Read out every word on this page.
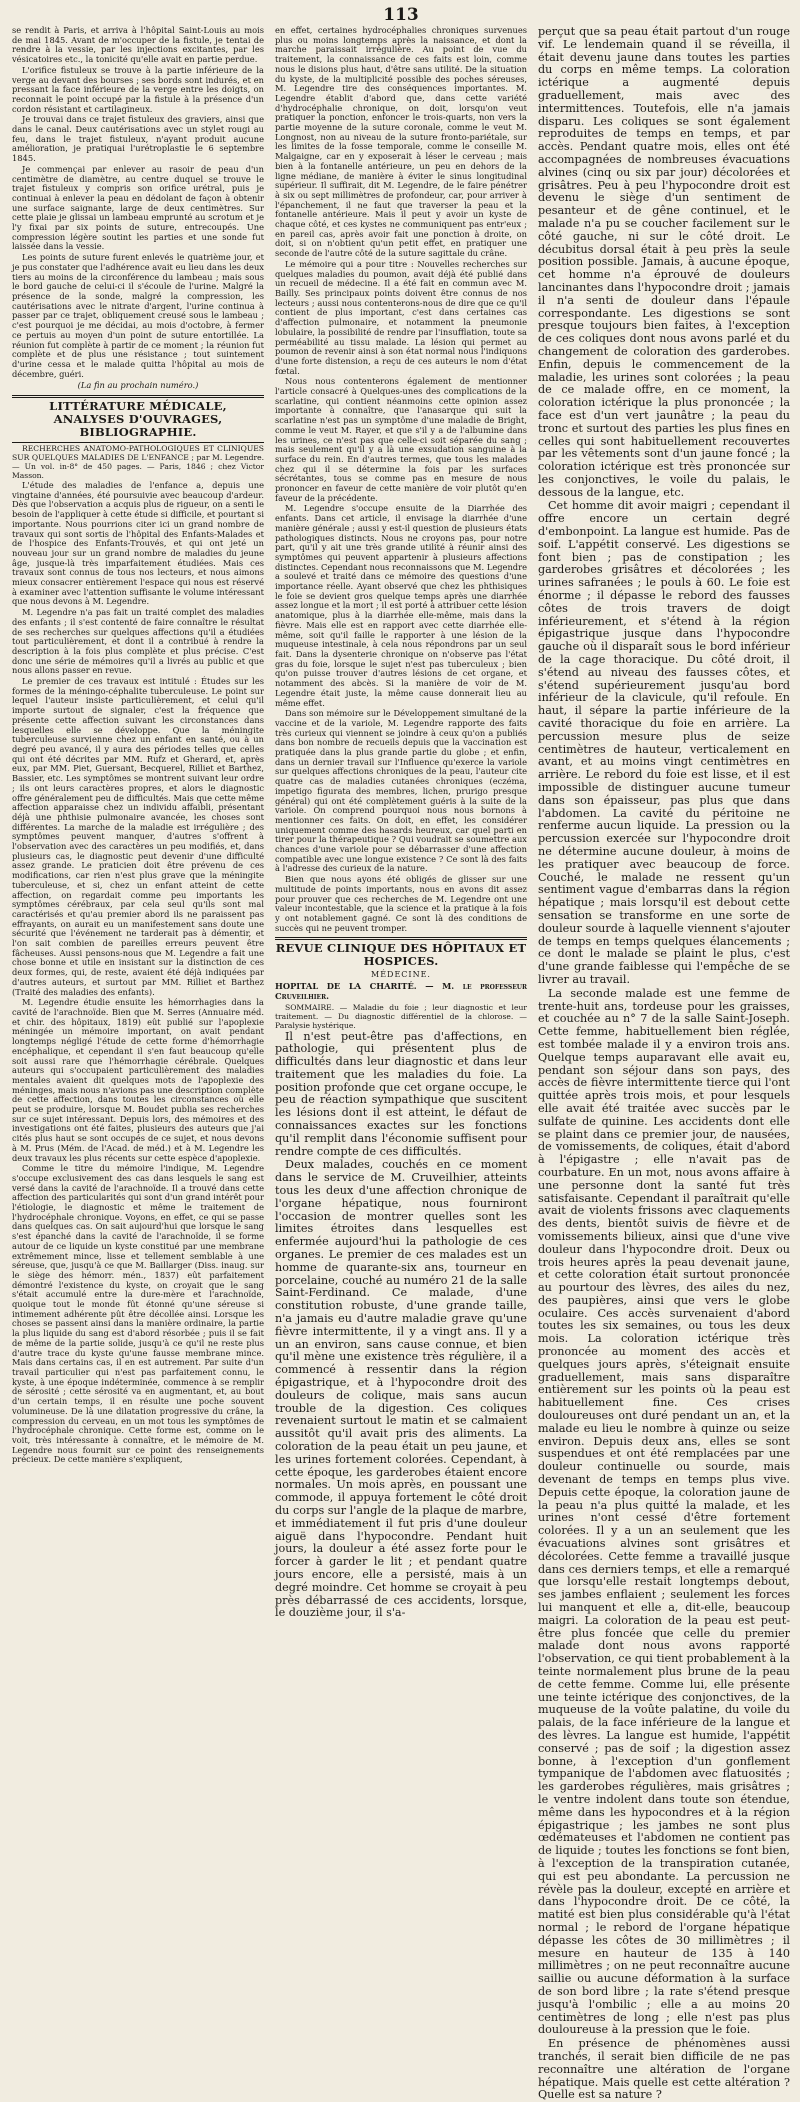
113

se rendit à Paris, et arriva à l'hôpital Saint-Louis au mois de mai 1845. Avant de m'occuper de la fistule, je tentai de rendre à la vessie, par les injections excitantes, par les vésicatoires etc., la tonicité qu'elle avait en partie perdue.

L'orifice fistuleux se trouve à la partie inférieure de la verge au devant des bourses ; ses bords sont indurés, et en pressant la face inférieure de la verge entre les doigts, on reconnait le point occupé par la fistule à la présence d'un cordon résistant et cartilagineux.

Je trouvai dans ce trajet fistuleux des graviers, ainsi que dans le canal. Deux cautérisations avec un stylet rougi au feu, dans le trajet fistuleux, n'ayant produit aucune amélioration, je pratiquai l'urétroplastie le 6 septembre 1845.

Je commençai par enlever au rasoir de peau d'un centimètre de diamètre, au centre duquel se trouve le trajet fistuleux y compris son orifice urétral, puis je continuai à enlever la peau en dédolant de façon à obtenir une surface saignante, large de deux centimètres. Sur cette plaie je glissai un lambeau emprunté au scrotum et je l'y fixai par six points de suture, entrecoupés. Une compression légère soutint les parties et une sonde fut laissée dans la vessie.

Les points de suture furent enlevés le quatrième jour, et je pus constater que l'adhérence avait eu lieu dans les deux tiers au moins de la circonférence du lambeau ; mais sous le bord gauche de celui-ci il s'écoule de l'urine. Malgré la présence de la sonde, malgré la compression, les cautérisations avec le nitrate d'argent, l'urine continua à passer par ce trajet, obliquement creusé sous le lambeau ; c'est pourquoi je me décidai, au mois d'octobre, à fermer ce pertuis au moyen d'un point de suture entortillée. La réunion fut complète à partir de ce moment ; la réunion fut complète et de plus une résistance ; tout suintement d'urine cessa et le malade quitta l'hôpital au mois de décembre, guéri.

(La fin au prochain numéro.)
LITTÉRATURE MÉDICALE, ANALYSES D'OUVRAGES, BIBLIOGRAPHIE.

RECHERCHES ANATOMO-PATHOLOGIQUES ET CLINIQUES SUR QUELQUES MALADIES DE L'ENFANCE ; par M. Legendre. — Un vol. in-8° de 450 pages. — Paris, 1846 ; chez Victor Masson.

L'étude des maladies de l'enfance a, depuis une vingtaine d'années, été poursuivie avec beaucoup d'ardeur. Dès que l'observation a acquis plus de rigueur, on a senti le besoin de l'appliquer à cette étude si difficile, et pourtant si importante. Nous pourrions citer ici un grand nombre de travaux qui sont sortis de l'hôpital des Enfants-Malades et de l'hospice des Enfants-Trouvés, et qui ont jeté un nouveau jour sur un grand nombre de maladies du jeune âge, jusque-là très imparfaitement étudiées. Mais ces travaux sont connus de tous nos lecteurs, et nous aimons mieux consacrer entièrement l'espace qui nous est réservé à examiner avec l'attention suffisante le volume intéressant que nous devons à M. Legendre.

M. Legendre n'a pas fait un traité complet des maladies des enfants ; il s'est contenté de faire connaître le résultat de ses recherches sur quelques affections qu'il a étudiées tout particulièrement, et dont il a contribué à rendre la description à la fois plus complète et plus précise. C'est donc une série de mémoires qu'il a livrés au public et que nous allons passer en revue.

Le premier de ces travaux est intitulé : Études sur les formes de la méningo-céphalite tuberculeuse. Le point sur lequel l'auteur insiste particulièrement, et celui qu'il importe surtout de signaler, c'est la fréquence que présente cette affection suivant les circonstances dans lesquelles elle se développe. Que la méningite tuberculeuse survienne chez un enfant en santé, ou à un degré peu avancé, il y aura des périodes telles que celles qui ont été décrites par MM. Rufz et Gherard, et, après eux, par MM. Piet, Guersant, Becquerel, Rilliet et Barthez, Bassier, etc. Les symptômes se montrent suivant leur ordre ; ils ont leurs caractères propres, et alors le diagnostic offre généralement peu de difficultés. Mais que cette même affection apparaisse chez un individu affaibli, présentant déjà une phthisie pulmonaire avancée, les choses sont différentes. La marche de la maladie est irrégulière ; des symptômes peuvent manquer, d'autres s'offrent à l'observation avec des caractères un peu modifiés, et, dans plusieurs cas, le diagnostic peut devenir d'une difficulté assez grande. Le praticien doit être prévenu de ces modifications, car rien n'est plus grave que la méningite tuberculeuse, et si, chez un enfant atteint de cette affection, on regardait comme peu importants les symptômes cérébraux, par cela seul qu'ils sont mal caractérisés et qu'au premier abord ils ne paraissent pas effrayants, on aurait eu un manifestement sans doute une sécurité que l'événement ne tarderait pas à démentir, et l'on sait combien de pareilles erreurs peuvent être fâcheuses. Aussi pensons-nous que M. Legendre a fait une chose bonne et utile en insistant sur la distinction de ces deux formes, qui, de reste, avaient été déjà indiquées par d'autres auteurs, et surtout par MM. Rilliet et Barthez (Traité des maladies des enfants).

M. Legendre étudie ensuite les hémorrhagies dans la cavité de l'arachnoïde. Bien que M. Serres (Annuaire méd. et chir. des hôpitaux, 1819) eût publié sur l'apoplexie méningée un mémoire important, on avait pendant longtemps négligé l'étude de cette forme d'hémorrhagie encéphalique, et cependant il s'en faut beaucoup qu'elle soit aussi rare que l'hémorrhagie cérébrale. Quelques auteurs qui s'occupaient particulièrement des maladies mentales avaient dit quelques mots de l'apoplexie des méninges, mais nous n'avions pas une description complète de cette affection, dans toutes les circonstances où elle peut se produire, lorsque M. Boudet publia ses recherches sur ce sujet intéressant. Depuis lors, des mémoires et des investigations ont été faites, plusieurs des auteurs que j'ai cités plus haut se sont occupés de ce sujet, et nous devons à M. Prus (Mém. de l'Acad. de méd.) et à M. Legendre les deux travaux les plus récents sur cette espèce d'apoplexie.

Comme le titre du mémoire l'indique, M. Legendre s'occupe exclusivement des cas dans lesquels le sang est versé dans la cavité de l'arachnoïde. Il a trouvé dans cette affection des particularités qui sont d'un grand intérêt pour l'étiologie, le diagnostic et même le traitement de l'hydrocéphale chronique. Voyons, en effet, ce qui se passe dans quelques cas. On sait aujourd'hui que lorsque le sang s'est épanché dans la cavité de l'arachnoïde, il se forme autour de ce liquide un kyste constitué par une membrane extrêmement mince, lisse et tellement semblable à une séreuse, que, jusqu'à ce que M. Baillarger (Diss. inaug. sur le siège des hémorr. mén., 1837) eût parfaitement démontré l'existence du kyste, on croyait que le sang s'était accumulé entre la dure-mère et l'arachnoïde, quoique tout le monde fût étonné qu'une séreuse si intimement adhérente pût être décollée ainsi. Lorsque les choses se passent ainsi dans la manière ordinaire, la partie la plus liquide du sang est d'abord résorbée ; puis il se fait de même de la partie solide, jusqu'à ce qu'il ne reste plus d'autre trace du kyste qu'une fausse membrane mince. Mais dans certains cas, il en est autrement. Par suite d'un travail particulier qui n'est pas parfaitement connu, le kyste, à une époque indéterminée, commence à se remplir de sérosité ; cette sérosité va en augmentant, et, au bout d'un certain temps, il en résulte une poche souvent volumineuse. De là une dilatation progressive du crâne, la compression du cerveau, en un mot tous les symptômes de l'hydrocéphale chronique. Cette forme est, comme on le voit, très intéressante à connaître, et le mémoire de M. Legendre nous fournit sur ce point des renseignements précieux. De cette manière s'expliquent,

en effet, certaines hydrocéphalies chroniques survenues plus ou moins longtemps après la naissance, et dont la marche paraissait irrégulière. Au point de vue du traitement, la connaissance de ces faits est loin, comme nous le disions plus haut, d'être sans utilité. De la situation du kyste, de la multiplicité possible des poches séreuses, M. Legendre tire des conséquences importantes. M. Legendre établit d'abord que, dans cette variété d'hydrocéphalie chronique, on doit, lorsqu'on veut pratiquer la ponction, enfoncer le trois-quarts, non vers la partie moyenne de la suture coronale, comme le veut M. Longnost, non au niveau de la suture fronto-pariétale, sur les limites de la fosse temporale, comme le conseille M. Malgaigne, car en y exposerait à léser le cerveau ; mais bien à la fontanelle antérieure, un peu en dehors de la ligne médiane, de manière à éviter le sinus longitudinal supérieur. Il suffirait, dit M. Legendre, de le faire pénétrer à six ou sept millimètres de profondeur, car, pour arriver à l'épanchement, il ne faut que traverser la peau et la fontanelle antérieure. Mais il peut y avoir un kyste de chaque côté, et ces kystes ne communiquent pas entr'eux ; en pareil cas, après avoir fait une ponction à droite, on doit, si on n'obtient qu'un petit effet, en pratiquer une seconde de l'autre côté de la suture sagittale du crâne.

Le mémoire qui a pour titre : Nouvelles recherches sur quelques maladies du poumon, avait déjà été publié dans un recueil de médecine. Il a été fait en commun avec M. Bailly. Ses principaux points doivent être connus de nos lecteurs ; aussi nous contenterons-nous de dire que ce qu'il contient de plus important, c'est dans certaines cas d'affection pulmonaire, et notamment la pneumonie lobulaire, la possibilité de rendre par l'insufflation, toute sa perméabilité au tissu malade. La lésion qui permet au poumon de revenir ainsi à son état normal nous l'indiquons d'une forte distension, a reçu de ces auteurs le nom d'état fœtal.

Nous nous contenterons également de mentionner l'article consacré à Quelques-unes des complications de la scarlatine, qui contient néanmoins cette opinion assez importante à connaître, que l'anasarque qui suit la scarlatine n'est pas un symptôme d'une maladie de Bright, comme le veut M. Rayer, et que s'il y a de l'albumine dans les urines, ce n'est pas que celle-ci soit séparée du sang ; mais seulement qu'il y a là une exsudation sanguine à la surface du rein. En d'autres termes, que tous les malades chez qui il se détermine la fois par les surfaces sécrétantes, tous se comme pas en mesure de nous prononcer en faveur de cette manière de voir plutôt qu'en faveur de la précédente.

M. Legendre s'occupe ensuite de la Diarrhée des enfants. Dans cet article, il envisage la diarrhée d'une manière générale ; aussi y est-il question de plusieurs états pathologiques distincts. Nous ne croyons pas, pour notre part, qu'il y ait une très grande utilité à réunir ainsi des symptômes qui peuvent appartenir à plusieurs affections distinctes. Cependant nous reconnaissons que M. Legendre a soulevé et traité dans ce mémoire des questions d'une importance réelle. Ayant observé que chez les phthisiques le foie se devient gros quelque temps après une diarrhée assez longue et la mort ; il est porté à attribuer cette lésion anatomique, plus à la diarrhée elle-même, mais dans la fièvre. Mais elle est en rapport avec cette diarrhée elle-même, soit qu'il faille le rapporter à une lésion de la muqueuse intestinale, à cela nous répondrons par un seul fait. Dans la dysenterie chronique on n'observe pas l'état gras du foie, lorsque le sujet n'est pas tuberculeux ; bien qu'on puisse trouver d'autres lésions de cet organe, et notamment des abcès. Si la manière de voir de M. Legendre était juste, la même cause donnerait lieu au même effet.

Dans son mémoire sur le Développement simultané de la vaccine et de la variole, M. Legendre rapporte des faits très curieux qui viennent se joindre à ceux qu'on a publiés dans bon nombre de recueils depuis que la vaccination est pratiquée dans la plus grande partie du globe ; et enfin, dans un dernier travail sur l'Influence qu'exerce la variole sur quelques affections chroniques de la peau, l'auteur cite quatre cas de maladies cutanées chroniques (eczéma, impetigo figurata des membres, lichen, prurigo presque général) qui ont été complètement guéris à la suite de la variole. On comprend pourquoi nous nous bornons à mentionner ces faits. On doit, en effet, les considérer uniquement comme des hasards heureux, car quel parti en tirer pour la thérapeutique ? Qui voudrait se soumettre aux chances d'une variole pour se débarrasser d'une affection compatible avec une longue existence ? Ce sont là des faits à l'adresse des curieux de la nature.

Bien que nous ayons été obligés de glisser sur une multitude de points importants, nous en avons dit assez pour prouver que ces recherches de M. Legendre ont une valeur incontestable, que la science et la pratique à la fois y ont notablement gagné. Ce sont là des conditions de succès qui ne peuvent tromper.

REVUE CLINIQUE DES HÔPITAUX ET HOSPICES.
MÉDECINE.

HOPITAL DE LA CHARITÉ. — M. le professeur Cruveilhier.

SOMMAIRE. — Maladie du foie ; leur diagnostic et leur traitement. — Du diagnostic différentiel de la chlorose. — Paralysie hystérique.

Il n'est peut-être pas d'affections, en pathologie, qui présentent plus de difficultés dans leur diagnostic et dans leur traitement que les maladies du foie. La position profonde que cet organe occupe, le peu de réaction sympathique que suscitent les lésions dont il est atteint, le défaut de connaissances exactes sur les fonctions qu'il remplit dans l'économie suffisent pour rendre compte de ces difficultés.

Deux malades, couchés en ce moment dans le service de M. Cruveilhier, atteints tous les deux d'une affection chronique de l'organe hépatique, nous fourniront l'occasion de montrer quelles sont les limites étroites dans lesquelles est enfermée aujourd'hui la pathologie de ces organes. Le premier de ces malades est un homme de quarante-six ans, tourneur en porcelaine, couché au numéro 21 de la salle Saint-Ferdinand. Ce malade, d'une constitution robuste, d'une grande taille, n'a jamais eu d'autre maladie grave qu'une fièvre intermittente, il y a vingt ans. Il y a un an environ, sans cause connue, et bien qu'il mène une existence très régulière, il a commencé à ressentir dans la région épigastrique, et à l'hypocondre droit des douleurs de colique, mais sans aucun trouble de la digestion. Ces coliques revenaient surtout le matin et se calmaient aussitôt qu'il avait pris des aliments. La coloration de la peau était un peu jaune, et les urines fortement colorées. Cependant, à cette époque, les garderobes étaient encore normales. Un mois après, en poussant une commode, il appuya fortement le côté droit du corps sur l'angle de la plaque de marbre, et immédiatement il fut pris d'une douleur aiguë dans l'hypocondre. Pendant huit jours, la douleur a été assez forte pour le forcer à garder le lit ; et pendant quatre jours encore, elle a persisté, mais à un degré moindre. Cet homme se croyait à peu près débarrassé de ces accidents, lorsque, le douzième jour, il s'a-

perçut que sa peau était partout d'un rouge vif. Le lendemain quand il se réveilla, il était devenu jaune dans toutes les parties du corps en même temps. La coloration ictérique a augmenté depuis graduellement, mais avec des intermittences. Toutefois, elle n'a jamais disparu. Les coliques se sont également reproduites de temps en temps, et par accès. Pendant quatre mois, elles ont été accompagnées de nombreuses évacuations alvines (cinq ou six par jour) décolorées et grisâtres. Peu à peu l'hypocondre droit est devenu le siège d'un sentiment de pesanteur et de gêne continuel, et le malade n'a pu se coucher facilement sur le côté gauche, ni sur le côté droit. Le décubitus dorsal était à peu près la seule position possible. Jamais, à aucune époque, cet homme n'a éprouvé de douleurs lancinantes dans l'hypocondre droit ; jamais il n'a senti de douleur dans l'épaule correspondante. Les digestions se sont presque toujours bien faites, à l'exception de ces coliques dont nous avons parlé et du changement de coloration des garderobes. Enfin, depuis le commencement de la maladie, les urines sont colorées ; la peau de ce malade offre, en ce moment, la coloration ictérique la plus prononcée ; la face est d'un vert jaunâtre ; la peau du tronc et surtout des parties les plus fines en celles qui sont habituellement recouvertes par les vêtements sont d'un jaune foncé ; la coloration ictérique est très prononcée sur les conjonctives, le voile du palais, le dessous de la langue, etc.

Cet homme dit avoir maigri ; cependant il offre encore un certain degré d'embonpoint. La langue est humide. Pas de soif. L'appétit conservé. Les digestions se font bien ; pas de constipation ; les garderobes grisâtres et décolorées ; les urines safranées ; le pouls à 60. Le foie est énorme ; il dépasse le rebord des fausses côtes de trois travers de doigt inférieurement, et s'étend à la région épigastrique jusque dans l'hypocondre gauche où il disparaît sous le bord inférieur de la cage thoracique. Du côté droit, il s'étend au niveau des fausses côtes, et s'étend supérieurement jusqu'au bord inférieur de la clavicule, qu'il refoule. En haut, il sépare la partie inférieure de la cavité thoracique du foie en arrière. La percussion mesure plus de seize centimètres de hauteur, verticalement en avant, et au moins vingt centimètres en arrière. Le rebord du foie est lisse, et il est impossible de distinguer aucune tumeur dans son épaisseur, pas plus que dans l'abdomen. La cavité du péritoine ne renferme aucun liquide. La pression ou la percussion exercée sur l'hypocondre droit ne détermine aucune douleur, à moins de les pratiquer avec beaucoup de force. Couché, le malade ne ressent qu'un sentiment vague d'embarras dans la région hépatique ; mais lorsqu'il est debout cette sensation se transforme en une sorte de douleur sourde à laquelle viennent s'ajouter de temps en temps quelques élancements ; ce dont le malade se plaint le plus, c'est d'une grande faiblesse qui l'empêche de se livrer au travail.

La seconde malade est une femme de trente-huit ans, tordeuse pour les graisses, et couchée au n° 7 de la salle Saint-Joseph. Cette femme, habituellement bien réglée, est tombée malade il y a environ trois ans. Quelque temps auparavant elle avait eu, pendant son séjour dans son pays, des accès de fièvre intermittente tierce qui l'ont quittée après trois mois, et pour lesquels elle avait été traitée avec succès par le sulfate de quinine. Les accidents dont elle se plaint dans ce premier jour, de nausées, de vomissements, de coliques, était d'abord à l'épigastre ; elle n'avait pas de courbature. En un mot, nous avons affaire à une personne dont la santé fut très satisfaisante. Cependant il paraîtrait qu'elle avait de violents frissons avec claquements des dents, bientôt suivis de fièvre et de vomissements bilieux, ainsi que d'une vive douleur dans l'hypocondre droit. Deux ou trois heures après la peau devenait jaune, et cette coloration était surtout prononcée au pourtour des lèvres, des ailes du nez, des paupières, ainsi que vers le globe oculaire. Ces accès survenaient d'abord toutes les six semaines, ou tous les deux mois. La coloration ictérique très prononcée au moment des accès et quelques jours après, s'éteignait ensuite graduellement, mais sans disparaître entièrement sur les points où la peau est habituellement fine. Ces crises douloureuses ont duré pendant un an, et la malade eu lieu le nombre à quinze ou seize environ. Depuis deux ans, elles se sont suspendues et ont été remplacées par une douleur continuelle ou sourde, mais devenant de temps en temps plus vive. Depuis cette époque, la coloration jaune de la peau n'a plus quitté la malade, et les urines n'ont cessé d'être fortement colorées. Il y a un an seulement que les évacuations alvines sont grisâtres et décolorées. Cette femme a travaillé jusque dans ces derniers temps, et elle a remarqué que lorsqu'elle restait longtemps debout, ses jambes enflaient ; seulement les forces lui manquent et elle a, dit-elle, beaucoup maigri. La coloration de la peau est peut-être plus foncée que celle du premier malade dont nous avons rapporté l'observation, ce qui tient probablement à la teinte normalement plus brune de la peau de cette femme. Comme lui, elle présente une teinte ictérique des conjonctives, de la muqueuse de la voûte palatine, du voile du palais, de la face inférieure de la langue et des lèvres. La langue est humide, l'appétit conservé ; pas de soif ; la digestion assez bonne, à l'exception d'un gonflement tympanique de l'abdomen avec flatuosités ; les garderobes régulières, mais grisâtres ; le ventre indolent dans toute son étendue, même dans les hypocondres et à la région épigastrique ; les jambes ne sont plus œdémateuses et l'abdomen ne contient pas de liquide ; toutes les fonctions se font bien, à l'exception de la transpiration cutanée, qui est peu abondante. La percussion ne révèle pas la douleur, excepté en arrière et dans l'hypocondre droit. De ce côté, la matité est bien plus considérable qu'à l'état normal ; le rebord de l'organe hépatique dépasse les côtes de 30 millimètres ; il mesure en hauteur de 135 à 140 millimètres ; on ne peut reconnaître aucune saillie ou aucune déformation à la surface de son bord libre ; la rate s'étend presque jusqu'à l'ombilic ; elle a au moins 20 centimètres de long ; elle n'est pas plus douloureuse à la pression que le foie.

En présence de phénomènes aussi tranchés, il serait bien difficile de ne pas reconnaître une altération de l'organe hépatique. Mais quelle est cette altération ? Quelle est sa nature ?
